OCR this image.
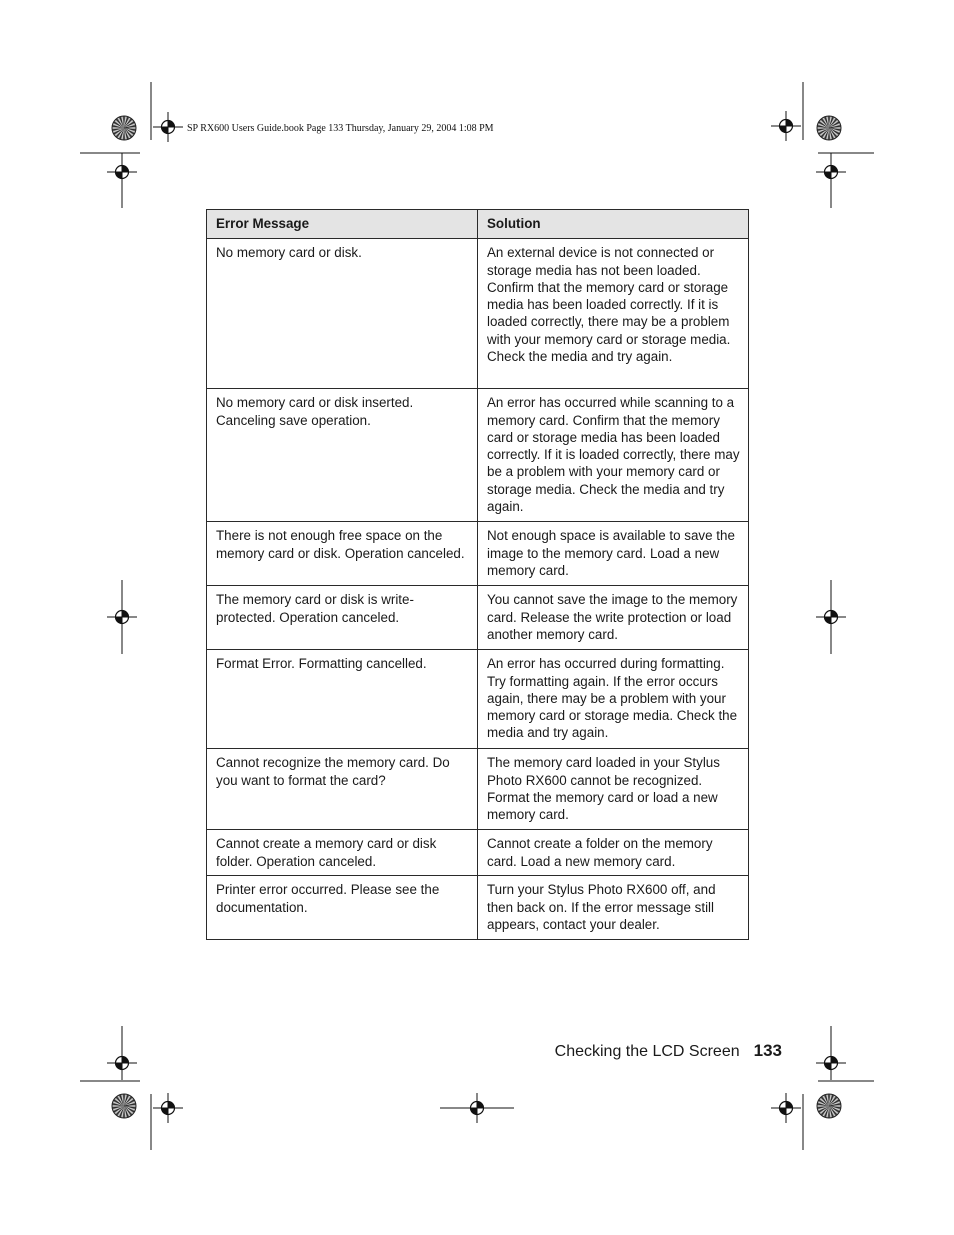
SP RX600 Users Guide.book Page 133 Thursday, January 29, 2004 1:08 PM
Error Message	Solution
No memory card or disk.	An external device is not connected or storage media has not been loaded. Confirm that the memory card or storage media has been loaded correctly. If it is loaded correctly, there may be a problem with your memory card or storage media. Check the media and try again.
No memory card or disk inserted. Canceling save operation.	An error has occurred while scanning to a memory card. Confirm that the memory card or storage media has been loaded correctly. If it is loaded correctly, there may be a problem with your memory card or storage media. Check the media and try again.
There is not enough free space on the memory card or disk. Operation canceled.	Not enough space is available to save the image to the memory card. Load a new memory card.
The memory card or disk is write-protected. Operation canceled.	You cannot save the image to the memory card. Release the write protection or load another memory card.
Format Error. Formatting cancelled.	An error has occurred during formatting. Try formatting again. If the error occurs again, there may be a problem with your memory card or storage media. Check the media and try again.
Cannot recognize the memory card. Do you want to format the card?	The memory card loaded in your Stylus Photo RX600 cannot be recognized. Format the memory card or load a new memory card.
Cannot create a memory card or disk folder. Operation canceled.	Cannot create a folder on the memory card. Load a new memory card.
Printer error occurred. Please see the documentation.	Turn your Stylus Photo RX600 off, and then back on. If the error message still appears, contact your dealer.
Checking the LCD Screen 133
